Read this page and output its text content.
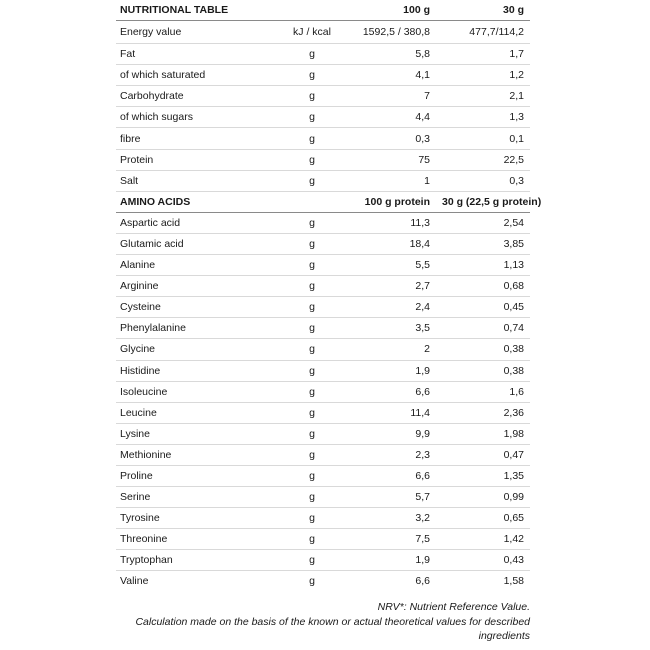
NUTRITIONAL TABLE		100 g	30 g
Energy value	kJ / kcal	1592,5 / 380,8	477,7/114,2
Fat	g	5,8	1,7
of which saturated	g	4,1	1,2
Carbohydrate	g	7	2,1
of which sugars	g	4,4	1,3
fibre	g	0,3	0,1
Protein	g	75	22,5
Salt	g	1	0,3
AMINO ACIDS		100 g protein	30 g (22,5 g protein)
Aspartic acid	g	11,3	2,54
Glutamic acid	g	18,4	3,85
Alanine	g	5,5	1,13
Arginine	g	2,7	0,68
Cysteine	g	2,4	0,45
Phenylalanine	g	3,5	0,74
Glycine	g	2	0,38
Histidine	g	1,9	0,38
Isoleucine	g	6,6	1,6
Leucine	g	11,4	2,36
Lysine	g	9,9	1,98
Methionine	g	2,3	0,47
Proline	g	6,6	1,35
Serine	g	5,7	0,99
Tyrosine	g	3,2	0,65
Threonine	g	7,5	1,42
Tryptophan	g	1,9	0,43
Valine	g	6,6	1,58

NRV*: Nutrient Reference Value.

Calculation made on the basis of the known or actual theoretical values for described ingredients
